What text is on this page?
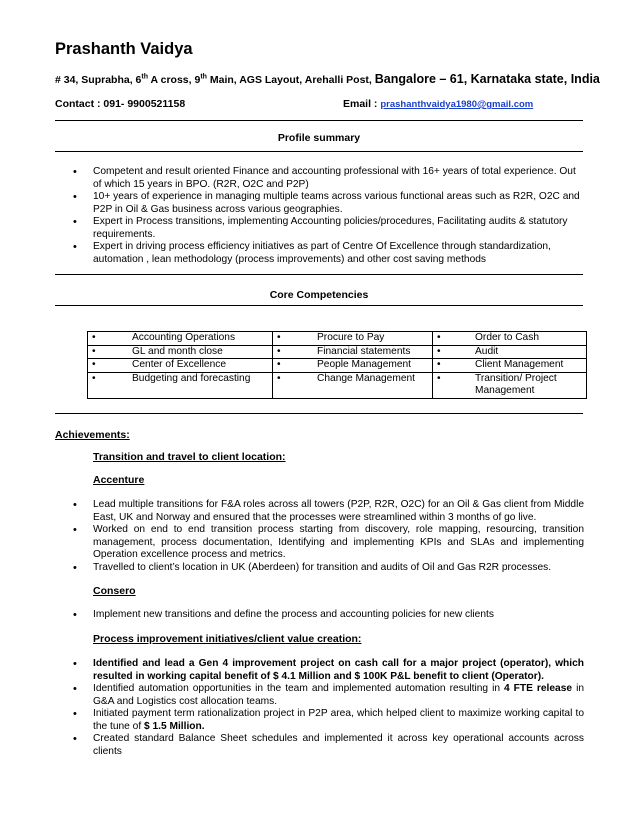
Prashanth Vaidya
# 34, Suprabha, 6th A cross, 9th Main, AGS Layout, Arehalli Post, Bangalore – 61, Karnataka state, India
Contact : 091- 9900521158	Email : prashanthvaidya1980@gmail.com
Profile summary
• Competent and result oriented Finance and accounting professional with 16+ years of total experience. Out of which 15 years in BPO. (R2R, O2C and P2P)
• 10+ years of experience in managing multiple teams across various functional areas such as R2R, O2C and P2P in Oil & Gas business across various geographies.
• Expert in Process transitions, implementing Accounting policies/procedures, Facilitating audits & statutory requirements.
• Expert in driving process efficiency initiatives as part of Centre Of Excellence through standardization, automation , lean methodology (process improvements) and other cost saving methods
Core Competencies
• Accounting Operations	• Procure to Pay	• Order to Cash

• GL and month close	• Financial statements	• Audit

• Center of Excellence	• People Management	• Client Management

• Budgeting and forecasting	• Change Management	• Transition/ Project Management
Achievements:
Transition and travel to client location:
Accenture
• Lead multiple transitions for F&A roles across all towers (P2P, R2R, O2C) for an Oil & Gas client from Middle East, UK and Norway and ensured that the processes were streamlined within 3 months of go live.
• Worked on end to end transition process starting from discovery, role mapping, resourcing, transition management, process documentation, Identifying and implementing KPIs and SLAs and implementing Operation excellence process and metrics.
• Travelled to client’s location in UK (Aberdeen) for transition and audits of Oil and Gas R2R processes.
Consero
• Implement new transitions and define the process and accounting policies for new clients
Process improvement initiatives/client value creation:
• Identified and lead a Gen 4 improvement project on cash call for a major project (operator), which resulted in working capital benefit of $ 4.1 Million and $ 100K P&L benefit to client (Operator).
• Identified automation opportunities in the team and implemented automation resulting in 4 FTE release in G&A and Logistics cost allocation teams.
• Initiated payment term rationalization project in P2P area, which helped client to maximize working capital to the tune of $ 1.5 Million.
• Created standard Balance Sheet schedules and implemented it across key operational accounts across clients
